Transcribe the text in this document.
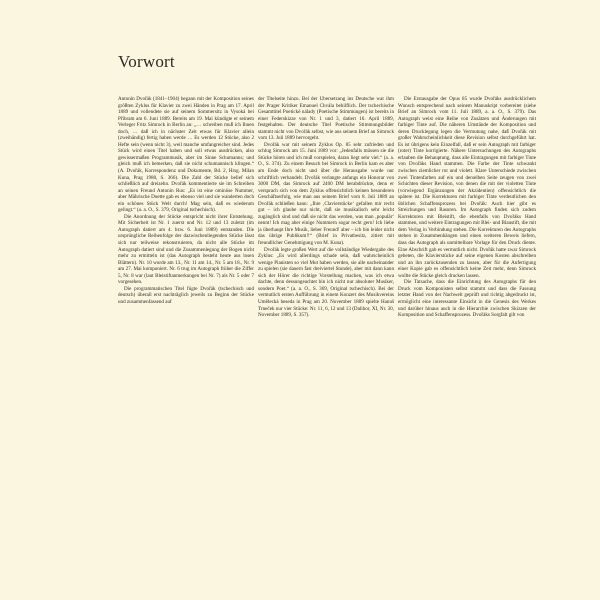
Vorwort

Antonín Dvořák (1841–1904) begann mit der Komposition seines größten Zyklus für Klavier zu zwei Händen in Prag am 17. April 1889 und vollendete sie auf seinem Sommersitz in Vysoká bei Příbram am 6. Juni 1889. Bereits am 19. Mai kündigte er seinem Verleger Fritz Simrock in Berlin an: „… schreiben muß ich Ihnen doch, … daß ich in nächster Zeit etwas für Klavier allein (zweihändig) fertig haben werde … Es werden 12 Stücke, also 2 Hefte sein (wenn nicht 3), weil manche umfangreicher sind. Jedes Stück wird einen Titel haben und soll etwas ausdrücken, also gewissermaßen Programmusik, aber im Sinne Schumanns; und gleich muß ich bemerken, daß sie nicht schumannisch klingen.“ (A. Dvořák, Korrespondenz und Dokumente, Bd. 2, Hrsg. Milan Kuna, Prag 1988, S. 366). Die Zahl der Stücke belief sich schließlich auf dreizehn. Dvořák kommentierte sie im Schreiben an seinen Freund Antonín Rus: „Es ist eine ominöse Nummer, aber Mährische Duette gab es ebenso viel und sie wanderten doch ein schönes Stück Welt durch! Mag sein, daß es wiederum gelingt.“ (a. a. O., S. 379, Original tschechisch).

Die Anordnung der Stücke entspricht nicht ihrer Entstehung. Mit Sicherheit ist Nr. 1 zuerst und Nr. 12 und 13 zuletzt (im Autograph datiert am 4. bzw. 6. Juni 1889) entstanden. Die ursprüngliche Reihenfolge der dazwischenliegenden Stücke lässt sich nur teilweise rekonstruieren, da nicht alle Stücke im Autograph datiert sind und die Zusammenlegung der Bogen nicht mehr zu ermitteln ist (das Autograph besteht heute aus losen Blättern). Nr. 10 wurde am 13., Nr. 11 am 14., Nr. 5 am 18., Nr. 9 am 27. Mai komponiert. Nr. 6 trug im Autograph früher die Ziffer 5, Nr. 8 war (laut Bleistiftanmerkungen bei Nr. 7) als Nr. 5 oder 7 vorgesehen.

Die programmatischen Titel fügte Dvořák (tschechisch und deutsch) überall erst nachträglich jeweils zu Beginn der Stücke und zusammenfassend auf

der Titelseite hinzu. Bei der Übersetzung ins Deutsche war ihm der Prager Kritiker Emanuel Chvála behilflich. Der tschechische Gesamttitel Poetické nálady (Poetische Stimmungen) ist bereits in einer Federskizze von Nr. 1 und 3, datiert 16. April 1889, festgehalten. Der deutsche Titel Poetische Stimmungsbilder stammt nicht von Dvořák selbst, wie aus seinem Brief an Simrock vom 13. Juli 1889 hervorgeht.

Dvořák war mit seinem Zyklus Op. 85 sehr zufrieden und schlug Simrock am 15. Juni 1889 vor: „Jedenfalls müssen sie die Stücke hören und ich muß vorspielen, daran liegt sehr viel.“ (a. a. O., S. 374). Zu einem Besuch bei Simrock in Berlin kam es aber am Ende doch nicht und über die Herausgabe wurde nur schriftlich verhandelt. Dvořák verlangte anfangs ein Honorar von 3000 DM, das Simrock auf 2400 DM herabdrückte, denn er versprach sich von dem Zyklus offensichtlich keinen besonderen Geschäftserfolg, wie man aus seinem Brief vom 8. Juli 1889 an Dvořák schließen kann: „Ihre ‚Clavierstücke‘ gefallen mir recht gut – ich glaube nur nicht, daß sie musikalisch sehr leicht zugänglich sind und daß sie nicht das werden, was man ‚populär‘ nennt! Ich mag aber einige Nummern sogar recht gern! Ich liebe ja überhaupt Ihre Musik, lieber Freund! aber – ich bin leider nicht das übrige Publikum!!“ (Brief in Privatbesitz, zitiert mit freundlicher Genehmigung von M. Kuna).

Dvořák legte großen Wert auf die vollständige Wiedergabe des Zyklus: „Es wird allerdings schade sein, daß wahrscheinlich wenige Pianisten so viel Mut haben werden, sie alle nacheinander zu spielen (sie dauern fast dreiviertel Stunde), aber mit dann kann sich der Hörer die richtige Vorstellung machen, was ich etwa dachte, denn dessungeachtet bin ich nicht nur absoluter Musiker, sondern Poet.“ (a. a. O., S. 369, Original tschechisch). Bei der vermutlich ersten Aufführung in einem Konzert des Musikvereins Umělecká beseda in Prag am 20. November 1889 spielte Hanuš Trneček nur vier Stücke: Nr. 11, 6, 12 und 13 (Dalibor, XI, Nr. 30, November 1889, S. 357).

Die Erstausgabe der Opus 85 wurde Dvořáks ausdrücklichem Wunsch entsprechend nach seinem Manuskript vorbereitet (siehe Brief an Simrock vom 11. Juli 1889, a. a. O., S. 379). Das Autograph weist eine Reihe von Zusätzen und Änderungen mit farbiger Tinte auf. Die näheren Umstände der Komposition und deren Drucklegung legen die Vermutung nahe, daß Dvořák mit großer Wahrscheinlichkeit diese Revision selbst durchgeführt hat. Es ist übrigens kein Einzelfall, daß er sein Autograph mit farbiger (roter) Tinte korrigierte. Nähere Untersuchungen des Autographs erlauben die Behauptung, dass alle Eintragungen mit farbiger Tinte von Dvořáks Hand stammen. Die Farbe der Tinte schwankt zwischen ziemlicher rot und violett. Klare Unterschiede zwischen zwei Tintenfarben auf ein und derselben Seite zeugen von zwei Schichten dieser Revision, von denen die mit der violetten Tinte (vorwiegend Ergänzungen der Akzidentien) offensichtlich die spätere ist. Die Korrekturen mit farbiger Tinte verdeutlichen den üblichen Schaffensprozess bei Dvořák: Auch hier gibt es Streichungen und Rasuren. Im Autograph finden sich zudem Korrekturen mit Bleistift, die ebenfalls von Dvořáks Hand stammen, und weitere Eintragungen mit Blei- und Blaustift, die mit dem Verlag in Verbindung stehen. Die Korrekturen des Autographs stehen in Zusammenhängen und einen weiteren Beweis liefern, dass das Autograph als unmittelbare Vorlage für den Druck diente. Eine Abschrift gab es vermutlich nicht. Dvořák hatte zwar Simrock gebeten, die Klavierstücke auf seine eigenen Kosten abschreiben und an ihn zurückzusenden zu lassen, aber für die Anfertigung einer Kopie gab es offensichtlich keine Zeit mehr, denn Simrock wollte die Stücke gleich drucken lassen.

Die Tatsache, dass die Einrichtung des Autographs für den Druck vom Komponisten selbst stammt und dass die Fassung letzter Hand von der Nachwelt geprüft und richtig abgedruckt ist, ermöglicht eine interessante Einsicht in die Genesis des Werkes und darüber hinaus auch in die Hierarchie zwischen Skizzen der Komposition und Schaffensprozess. Dvořáks Sorgfalt gilt von
